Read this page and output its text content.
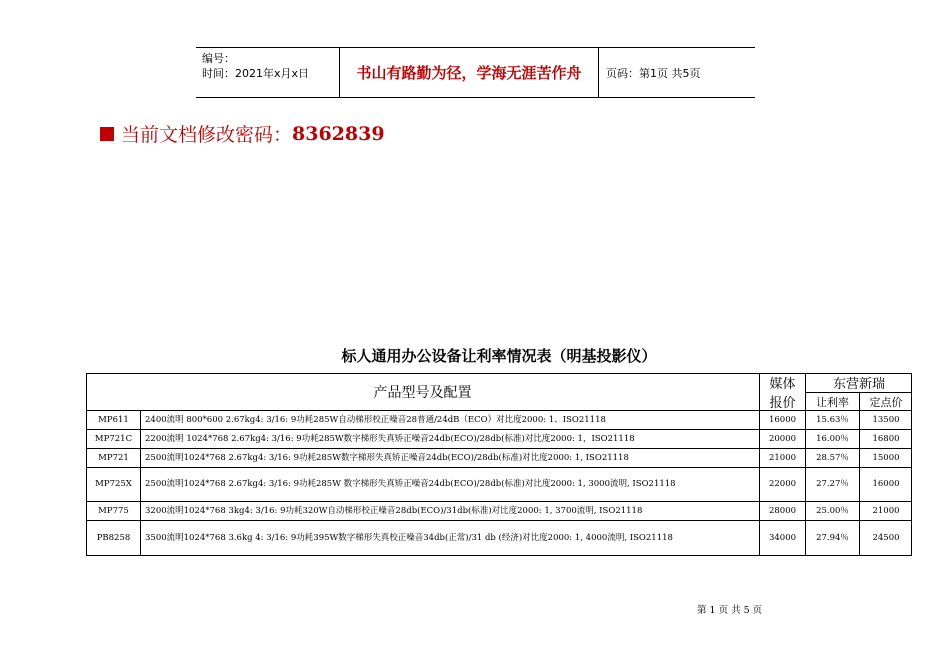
编号：
时间：2021年x月x日	书山有路勤为径，学海无涯苦作舟	页码：第1页 共5页
当前文档修改密码： 8362839
标人通用办公设备让利率情况表（明基投影仪）
产品型号及配置	媒体
报价
东营新瑞
让利率	定点价
MP611	2400流明 800*600 2.67kg4: 3/16: 9功耗285W自动梯形校正噪音28普通/24dB（ECO）对比度2000: 1、ISO21118	16000	15.63％	13500
MP721C	2200流明 1024*768 2.67kg4: 3/16: 9功耗285W数字梯形失真矫正噪音24db(ECO)/28db(标准)对比度2000: 1，ISO21118	20000	16.00％	16800
MP721	2500流明1024*768 2.67kg4: 3/16: 9功耗285W数字梯形失真矫正噪音24db(ECO)/28db(标准)对比度2000: 1, ISO21118	21000	28.57％	15000
MP725X	2500流明1024*768 2.67kg4: 3/16: 9功耗285W 数字梯形失真矫正噪音24db(ECO)/28db(标准)对比度2000: 1, 3000流明, ISO21118	22000	27.27％	16000
MP775	3200流明1024*768 3kg4: 3/16: 9功耗320W自动梯形校正噪音28db(ECO)/31db(标准)对比度2000: 1, 3700流明, ISO21118	28000	25.00％	21000
PB8258	3500流明1024*768 3.6kg 4: 3/16: 9功耗395W数字梯形失真校正噪音34db(正常)/31 db (经济)对比度2000: 1, 4000流明, ISO21118	34000	27.94％	24500
第 1 页 共 5 页
